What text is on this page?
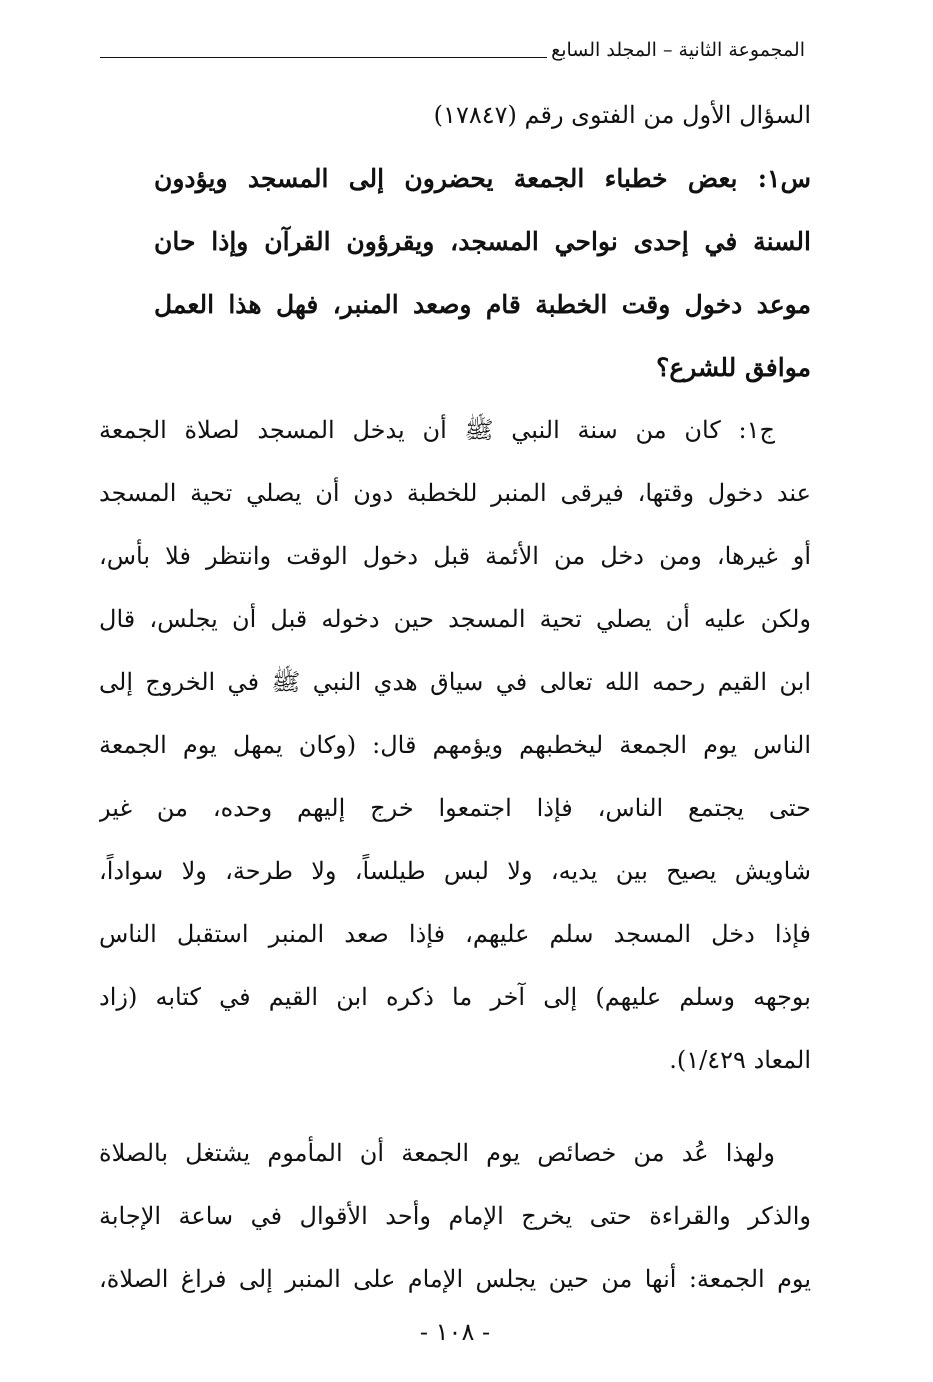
المجموعة الثانية – المجلد السابع
السؤال الأول من الفتوى رقم (١٧٨٤٧)
س١: بعض خطباء الجمعة يحضرون إلى المسجد ويؤدون
السنة في إحدى نواحي المسجد، ويقرؤون القرآن وإذا حان
موعد دخول وقت الخطبة قام وصعد المنبر، فهل هذا العمل
موافق للشرع؟
ج١: كان من سنة النبي ﷺ أن يدخل المسجد لصلاة الجمعة
عند دخول وقتها، فيرقى المنبر للخطبة دون أن يصلي تحية المسجد
أو غيرها، ومن دخل من الأئمة قبل دخول الوقت وانتظر فلا بأس،
ولكن عليه أن يصلي تحية المسجد حين دخوله قبل أن يجلس، قال
ابن القيم رحمه الله تعالى في سياق هدي النبي ﷺ في الخروج إلى
الناس يوم الجمعة ليخطبهم ويؤمهم قال: (وكان يمهل يوم الجمعة
حتى يجتمع الناس، فإذا اجتمعوا خرج إليهم وحده، من غير
شاويش يصيح بين يديه، ولا لبس طيلساً، ولا طرحة، ولا سواداً،
فإذا دخل المسجد سلم عليهم، فإذا صعد المنبر استقبل الناس
بوجهه وسلم عليهم) إلى آخر ما ذكره ابن القيم في كتابه (زاد
المعاد ١/٤٢٩).
ولهذا عُد من خصائص يوم الجمعة أن المأموم يشتغل بالصلاة
والذكر والقراءة حتى يخرج الإمام وأحد الأقوال في ساعة الإجابة
يوم الجمعة: أنها من حين يجلس الإمام على المنبر إلى فراغ الصلاة،
- ١٠٨ -
